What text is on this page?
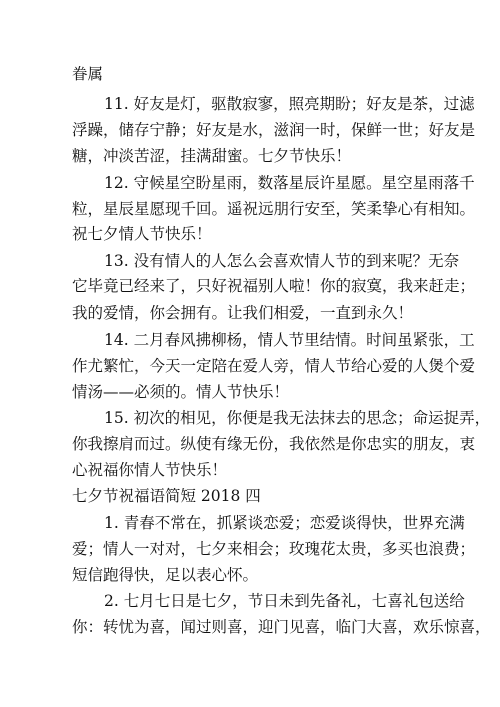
眷属
11. 好友是灯，驱散寂寥，照亮期盼；好友是茶，过滤
浮躁，储存宁静；好友是水，滋润一时，保鲜一世；好友是
糖，冲淡苦涩，挂满甜蜜。七夕节快乐！
12. 守候星空盼星雨，数落星辰许星愿。星空星雨落千
粒，星辰星愿现千回。遥祝远朋行安至，笑柔挚心有相知。
祝七夕情人节快乐！
13. 没有情人的人怎么会喜欢情人节的到来呢？无奈
它毕竟已经来了，只好祝福别人啦！你的寂寞，我来赶走；
我的爱情，你会拥有。让我们相爱，一直到永久！
14. 二月春风拂柳杨，情人节里结情。时间虽紧张，工
作尤繁忙，今天一定陪在爱人旁，情人节给心爱的人煲个爱
情汤——必须的。情人节快乐！
15. 初次的相见，你便是我无法抹去的思念；命运捉弄，
你我擦肩而过。纵使有缘无份，我依然是你忠实的朋友，衷
心祝福你情人节快乐！
七夕节祝福语简短 2018 四
1. 青春不常在，抓紧谈恋爱；恋爱谈得快，世界充满
爱；情人一对对，七夕来相会；玫瑰花太贵，多买也浪费；
短信跑得快，足以表心怀。
2. 七月七日是七夕，节日未到先备礼，七喜礼包送给
你：转忧为喜，闻过则喜，迎门见喜，临门大喜，欢乐惊喜，
